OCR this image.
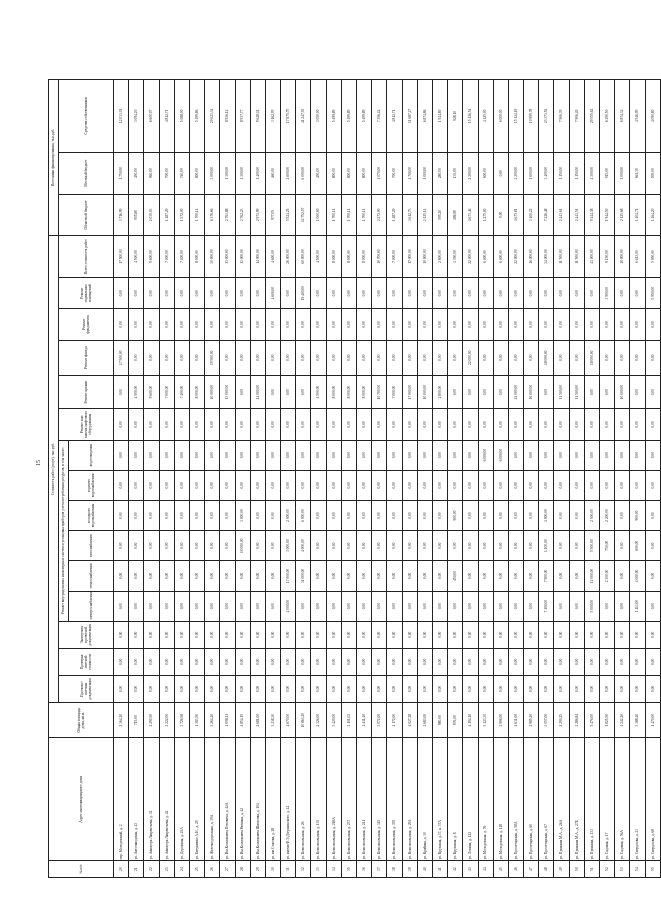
15
№ п/п	Адрес многоквартирного дома	Общая площадь дома, кв.м.	Стоимость работ (услуг), тыс.руб.															Источники финансирования, тыс.руб.				
			Проектно-сметная документация	Проверка сметной стоимости	Экспертиза проектной документации	Ремонт внутридомовых инженерных систем и установка приборов учета потребления ресурсов, в том числе:						Ремонт или замена лифтового оборудования	Ремонт крыши	Ремонт фасада	Ремонт фундамента	Ремонт подвальных помещений	Всего стоимость работ	Областной бюджет	Местный бюджет	Средства собственников		
						электроснабжения	теплоснабжения	газоснабжения	холодного водоснабжения	горячего водоснабжения	водоотведения											
20	пер. Молодежный, д. 2	2 364,20	0,00	0,00	0,00	0,00	0,00	0,00	0,00	0,00	0,00	0,00	0,00	17 500,00	0,00	0,00	17 500,00	3 716,99	1 750,00	12 033,01		
21	ул. Автозаводская, д. 43	715,00	0,00	0,00	0,00	0,00	0,00	0,00	0,00	0,00	0,00	0,00	4 500,00	0,00	0,00	0,00	4 500,00	955,80	450,00	3 094,20		
22	ул. Авиатора Лаврентьева, д. 32	2 290,50	0,00	0,00	0,00	0,00	0,00	0,00	0,00	0,00	0,00	0,00	9 600,00	0,00	0,00	0,00	9 600,00	2 039,03	960,00	6 600,97		
23	ул. Авиатора Лаврентьева, д. 42	2 222,00	0,00	0,00	0,00	0,00	0,00	0,00	0,00	0,00	0,00	0,00	7 000,00	0,00	0,00	0,00	7 000,00	1 487,29	700,00	4 812,71		
24	ул. Дорожная, д. 23А	3 726,58	0,00	0,00	0,00	0,00	0,00	0,00	0,00	0,00	0,00	0,00	7 400,00	0,00	0,00	0,00	7 400,00	1 572,00	740,00	5 088,00		
25	ул. Евтушенко А.Н., д. 29	1 383,50	0,00	0,00	0,00	0,00	0,00	0,00	0,00	0,00	0,00	0,00	8 000,00	0,00	0,00	0,00	8 000,00	1 700,14	800,00	5 499,86		
26	ул. Железнодорожная, д. 39А	3 264,20	0,00	0,00	0,00	0,00	0,00	0,00	0,00	0,00	0,00	0,00	10 000,00	19 500,00	0,00	0,00	30 000,00	6 376,66	3 000,00	20 623,34		
27	ул. Им.Космонавта Поповича, д. 42А	4 098,11	0,00	0,00	0,00	0,00	0,00	0,00	0,00	0,00	0,00	0,00	13 000,00	0,00	0,00	0,00	13 000,00	2 763,88	1 300,00	8 936,12		
28	ул. Им.Космонавта Рюмина, д. 42	4 854,15	0,00	0,00	0,00	0,00	0,00	10 000,00	3 000,00	0,00	0,00	0,00	0,00	0,00	0,00	0,00	13 000,00	2 762,23	1 300,00	8 937,77		
29	ул. Им.Космонавта Шаталова, д. 104	2 681,00	0,00	0,00	0,00	0,00	0,00	0,00	0,00	0,00	0,00	0,00	14 000,00	0,00	0,00	0,00	14 000,00	2 971,99	1 400,00	9 628,01		
30	ул. им.Стасова, д. 28	3 238,30	0,00	0,00	0,00	0,00	0,00	0,00	0,00	0,00	0,00	0,00	0,00	0,00	0,00	4 600,00	4 600,00	977,05	460,00	3 162,95		
31	ул. имени Ф.Э.Дзержинского, д. 42	4 670,00	0,00	0,00	0,00	4 000,00	17 000,00	3 000,00	2 000,00	0,00	0,00	0,00	0,00	0,00	0,00	0,00	26 000,00	5 524,25	2 600,00	17 875,75		
32	ул. Комсомольская, д. 26	10 863,20	0,00	0,00	0,00	0,00	31 000,00	4 000,00	6 000,00	0,00	0,00	0,00	0,00	0,00	0,00	19 400,00	60 000,00	12 752,07	6 000,00	41 247,93		
33	ул. Комсомольская, д. 135	2 326,00	0,00	0,00	0,00	0,00	0,00	0,00	0,00	0,00	0,00	0,00	4 500,00	0,00	0,00	0,00	4 500,00	1 000,00	450,00	3 050,00		
34	ул. Комсомольская, д. 218А	3 420,00	0,00	0,00	0,00	0,00	0,00	0,00	0,00	0,00	0,00	0,00	8 000,00	0,00	0,00	0,00	8 000,00	1 700,11	800,00	5 499,89		
35	ул. Комсомольская, д. 237	2 101,02	0,00	0,00	0,00	0,00	0,00	0,00	0,00	0,00	0,00	0,00	8 000,00	0,00	0,00	0,00	8 000,00	1 700,11	800,00	5 499,89		
36	ул. Комсомольская, д. 241	2 411,40	0,00	0,00	0,00	0,00	0,00	0,00	0,00	0,00	0,00	0,00	8 000,00	0,00	0,00	0,00	8 000,00	1 700,11	800,00	5 499,89		
37	ул. Комсомольская, д. 345	3 072,00	0,00	0,00	0,00	0,00	0,00	0,00	0,00	0,00	0,00	0,00	10 700,00	0,00	0,00	0,00	10 700,00	2 273,00	1 070,00	7 356,42		
38	ул. Комсомольская, д. 355	4 172,00	0,00	0,00	0,00	0,00	0,00	0,00	0,00	0,00	0,00	0,00	7 000,00	0,00	0,00	0,00	7 000,00	1 487,29	700,00	4 812,71		
39	ул. Комсомольская, д. 294	4 027,28	0,00	0,00	0,00	0,00	0,00	0,00	0,00	0,00	0,00	0,00	17 000,00	0,00	0,00	0,00	17 000,00	3 612,73	1 700,00	11 687,27		
40	ул. Крайняя, д. 30	2 683,00	0,00	0,00	0,00	0,00	0,00	0,00	0,00	0,00	0,00	0,00	10 000,00	0,00	0,00	0,00	10 000,00	2 125,14	1 000,00	6 874,86		
41	ул. Крупская, д.37, к. 37А	980,00	0,00	0,00	0,00	0,00	0,00	0,00	0,00	0,00	0,00	0,00	2 800,00	0,00	0,00	0,00	2 800,00	595,20	280,00	1 924,80		
42	ул. Крупская, д. 8	976,00	0,00	0,00	0,00	0,00	450,00	0,00	900,00	0,00	0,00	0,00	0,00	0,00	0,00	0,00	1 350,00	286,90	135,00	928,10		
43	ул. Ленина, д. 122	4 194,10	0,00	0,00	0,00	0,00	0,00	0,00	0,00	0,00	0,00	0,00	0,00	22 000,00	0,00	0,00	22 000,00	4 673,46	2 200,00	15 126,54		
44	ул. Молодежная, д. 76	3 123,30	0,00	0,00	0,00	0,00	0,00	0,00	0,00	0,00	6 000,00	0,00	0,00	0,00	0,00	0,00	6 000,00	1 275,00	600,00	4 125,00		
45	ул. Молодежная, д. 118	2 906,00	0,00	0,00	0,00	0,00	0,00	0,00	0,00	0,00	6 000,00	0,00	0,00	0,00	0,00	0,00	6 000,00	0,00	0,00	6 000,00		
46	ул. Пролетарская, д. 58А	4 631,00	0,00	0,00	0,00	0,00	0,00	0,00	0,00	0,00	0,00	0,00	22 000,00	0,00	0,00	0,00	22 000,00	4 675,81	2 200,00	15 124,19		
47	ул. Пролетарская, д. 60	2 985,20	0,00	0,00	0,00	0,00	0,00	0,00	0,00	0,00	0,00	0,00	16 000,00	0,00	0,00	0,00	16 000,00	3 400,22	1 600,00	10 999,78		
48	ул. Пролетарская, д. 67	3 057,00	0,00	0,00	0,00	7 100,00	7 900,00	1 100,00	1 900,00	0,00	0,00	0,00	0,00	18 000,00	0,00	0,00	34 000,00	7 226,48	3 400,00	23 373,52		
49	ул. Пушкина М.А., д. 26А	2 290,25	0,00	0,00	0,00	0,00	0,00	0,00	0,00	0,00	0,00	0,00	11 500,00	0,00	0,00	0,00	11 500,00	2 443,61	1 150,00	7 906,39		
50	ул. Пушкина М.А., д. 27Б	2 286,84	0,00	0,00	0,00	0,00	0,00	0,00	0,00	0,00	0,00	0,00	11 500,00	0,00	0,00	0,00	11 500,00	2 443,51	1 150,00	7 906,49		
51	ул. Пушкина, д. 133	5 476,00	0,00	0,00	0,00	5 000,00	12 000,00	5 500,00	2 500,00	0,00	0,00	0,00	0,00	18 000,00	0,00	0,00	43 000,00	9 144,38	4 300,00	29 555,62		
52	ул. Садовая, д. 17	1 825,50	0,00	0,00	0,00	0,00	2 300,00	750,00	2 200,00	0,00	0,00	0,00	0,00	0,00	0,00	3 900,00	9 150,00	1 944,50	915,00	6 290,50		
53	ул. Садовая, д. 56А	4 242,20	0,00	0,00	0,00	0,00	0,00	0,00	0,00	0,00	0,00	0,00	10 000,00	0,00	0,00	0,00	10 000,00	2 125,68	1 000,00	6 874,32		
54	ул. Свердлова, д. 23	3 388,40	0,00	0,00	0,00	1 113,00	4 000,00	600,00	900,00	0,00	0,00	0,00	0,00	0,00	0,00	0,00	6 613,00	1 404,71	661,30	4 546,99		
55	ул. Свердлова, д. 68	1 470,00	0,00	0,00	0,00	0,00	0,00	0,00	0,00	0,00	0,00	0,00	0,00	0,00	0,00	5 950,00	5 950,00	1 264,20	595,00	4 090,80		
